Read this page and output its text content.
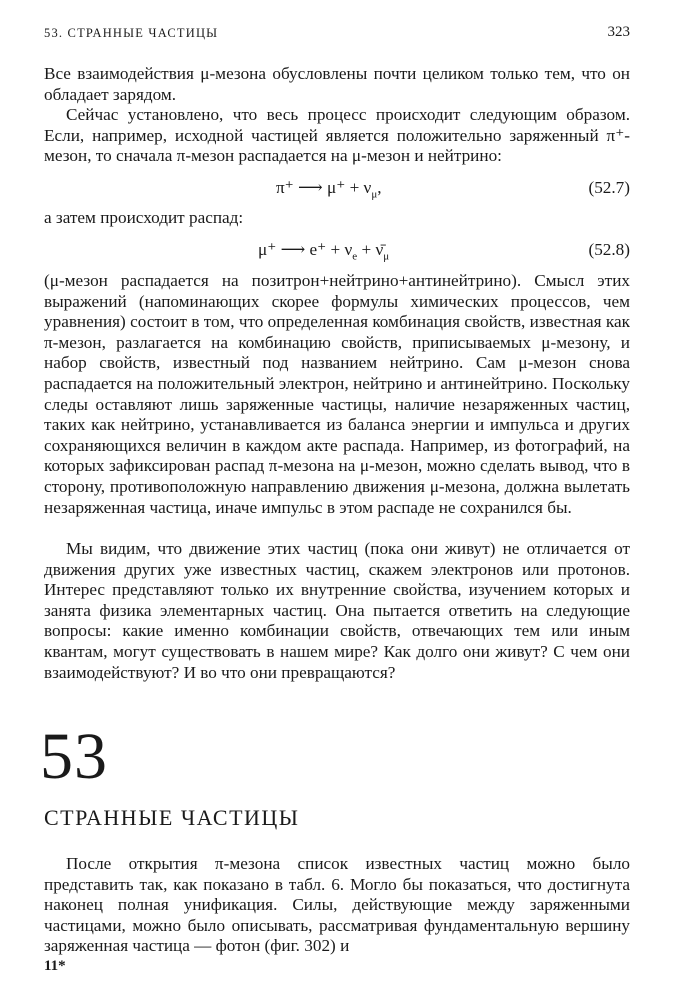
53. СТРАННЫЕ ЧАСТИЦЫ	323

Все взаимодействия μ-мезона обусловлены почти целиком только тем, что он обладает зарядом.

Сейчас установлено, что весь процесс происходит следующим образом. Если, например, исходной частицей является положительно заряженный π⁺-мезон, то сначала π-мезон распадается на μ-мезон и нейтрино:

π⁺ ⟶ $\mu^+ + \nu_\mu$,	(52.7)

а затем происходит распад:

μ⁺ ⟶ $e^+ + \nu_e$ + $\nū_\mu$	(52.8)

(μ-мезон распадается на позитрон+нейтрино+антинейтрино). Смысл этих выражений (напоминающих скорее формулы химических процессов, чем уравнения) состоит в том, что определенная комбинация свойств, известная как π-мезон, разлагается на комбинацию свойств, приписываемых μ-мезону, и набор свойств, известный под названием нейтрино. Сам μ-мезон снова распадается на положительный электрон, нейтрино и антинейтрино. Поскольку следы оставляют лишь заряженные частицы, наличие незаряженных частиц, таких как нейтрино, устанавливается из баланса энергии и импульса и других сохраняющихся величин в каждом акте распада. Например, из фотографий, на которых зафиксирован распад π-мезона на μ-мезон, можно сделать вывод, что в сторону, противоположную направлению движения μ-мезона, должна вылетать незаряженная частица, иначе импульс в этом распаде не сохранился бы.

Мы видим, что движение этих частиц (пока они живут) не отличается от движения других уже известных частиц, скажем электронов или протонов. Интерес представляют только их внутренние свойства, изучением которых и занята физика элементарных частиц. Она пытается ответить на следующие вопросы: какие именно комбинации свойств, отвечающих тем или иным квантам, могут существовать в нашем мире? Как долго они живут? С чем они взаимодействуют? И во что они превращаются?

53
СТРАННЫЕ ЧАСТИЦЫ

После открытия π-мезона список известных частиц можно было представить так, как показано в табл. 6. Могло бы показаться, что достигнута наконец полная унификация. Силы, действующие между заряженными частицами, можно было описывать, рассматривая фундаментальную вершину заряженная частица — фотон (фиг. 302) и

11*
